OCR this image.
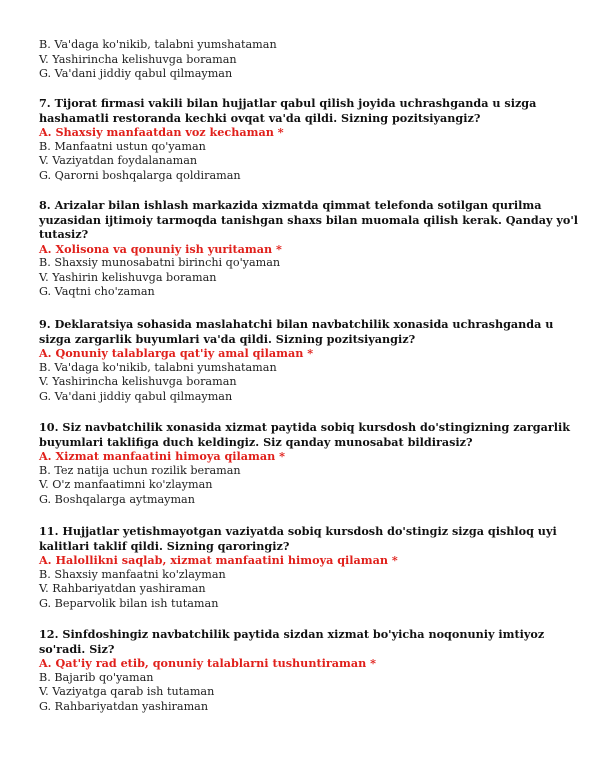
B. Va'daga ko'nikib, talabni yumshataman
V. Yashirincha kelishuvga boraman
G. Va'dani jiddiy qabul qilmayman
7. Tijorat firmasi vakili bilan hujjatlar qabul qilish joyida uchrashganda u sizga
hashamatli restoranda kechki ovqat va'da qildi. Sizning pozitsiyangiz?
A. Shaxsiy manfaatdan voz kechaman *
B. Manfaatni ustun qo'yaman
V. Vaziyatdan foydalanaman
G. Qarorni boshqalarga qoldiraman
8. Arizalar bilan ishlash markazida xizmatda qimmat telefonda sotilgan qurilma
yuzasidan ijtimoiy tarmoqda tanishgan shaxs bilan muomala qilish kerak. Qanday yo'l
tutasiz?
A. Xolisona va qonuniy ish yuritaman *
B. Shaxsiy munosabatni birinchi qo'yaman
V. Yashirin kelishuvga boraman
G. Vaqtni cho'zaman
9. Deklaratsiya sohasida maslahatchi bilan navbatchilik xonasida uchrashganda u
sizga zargarlik buyumlari va'da qildi. Sizning pozitsiyangiz?
A. Qonuniy talablarga qat'iy amal qilaman *
B. Va'daga ko'nikib, talabni yumshataman
V. Yashirincha kelishuvga boraman
G. Va'dani jiddiy qabul qilmayman
10. Siz navbatchilik xonasida xizmat paytida sobiq kursdosh do'stingizning zargarlik
buyumlari taklifiga duch keldingiz. Siz qanday munosabat bildirasiz?
A. Xizmat manfaatini himoya qilaman *
B. Tez natija uchun rozilik beraman
V. O'z manfaatimni ko'zlayman
G. Boshqalarga aytmayman
11. Hujjatlar yetishmayotgan vaziyatda sobiq kursdosh do'stingiz sizga qishloq uyi
kalitlari taklif qildi. Sizning qaroringiz?
A. Halollikni saqlab, xizmat manfaatini himoya qilaman *
B. Shaxsiy manfaatni ko'zlayman
V. Rahbariyatdan yashiraman
G. Beparvolik bilan ish tutaman
12. Sinfdoshingiz navbatchilik paytida sizdan xizmat bo'yicha noqonuniy imtiyoz
so'radi. Siz?
A. Qat'iy rad etib, qonuniy talablarni tushuntiraman *
B. Bajarib qo'yaman
V. Vaziyatga qarab ish tutaman
G. Rahbariyatdan yashiraman
